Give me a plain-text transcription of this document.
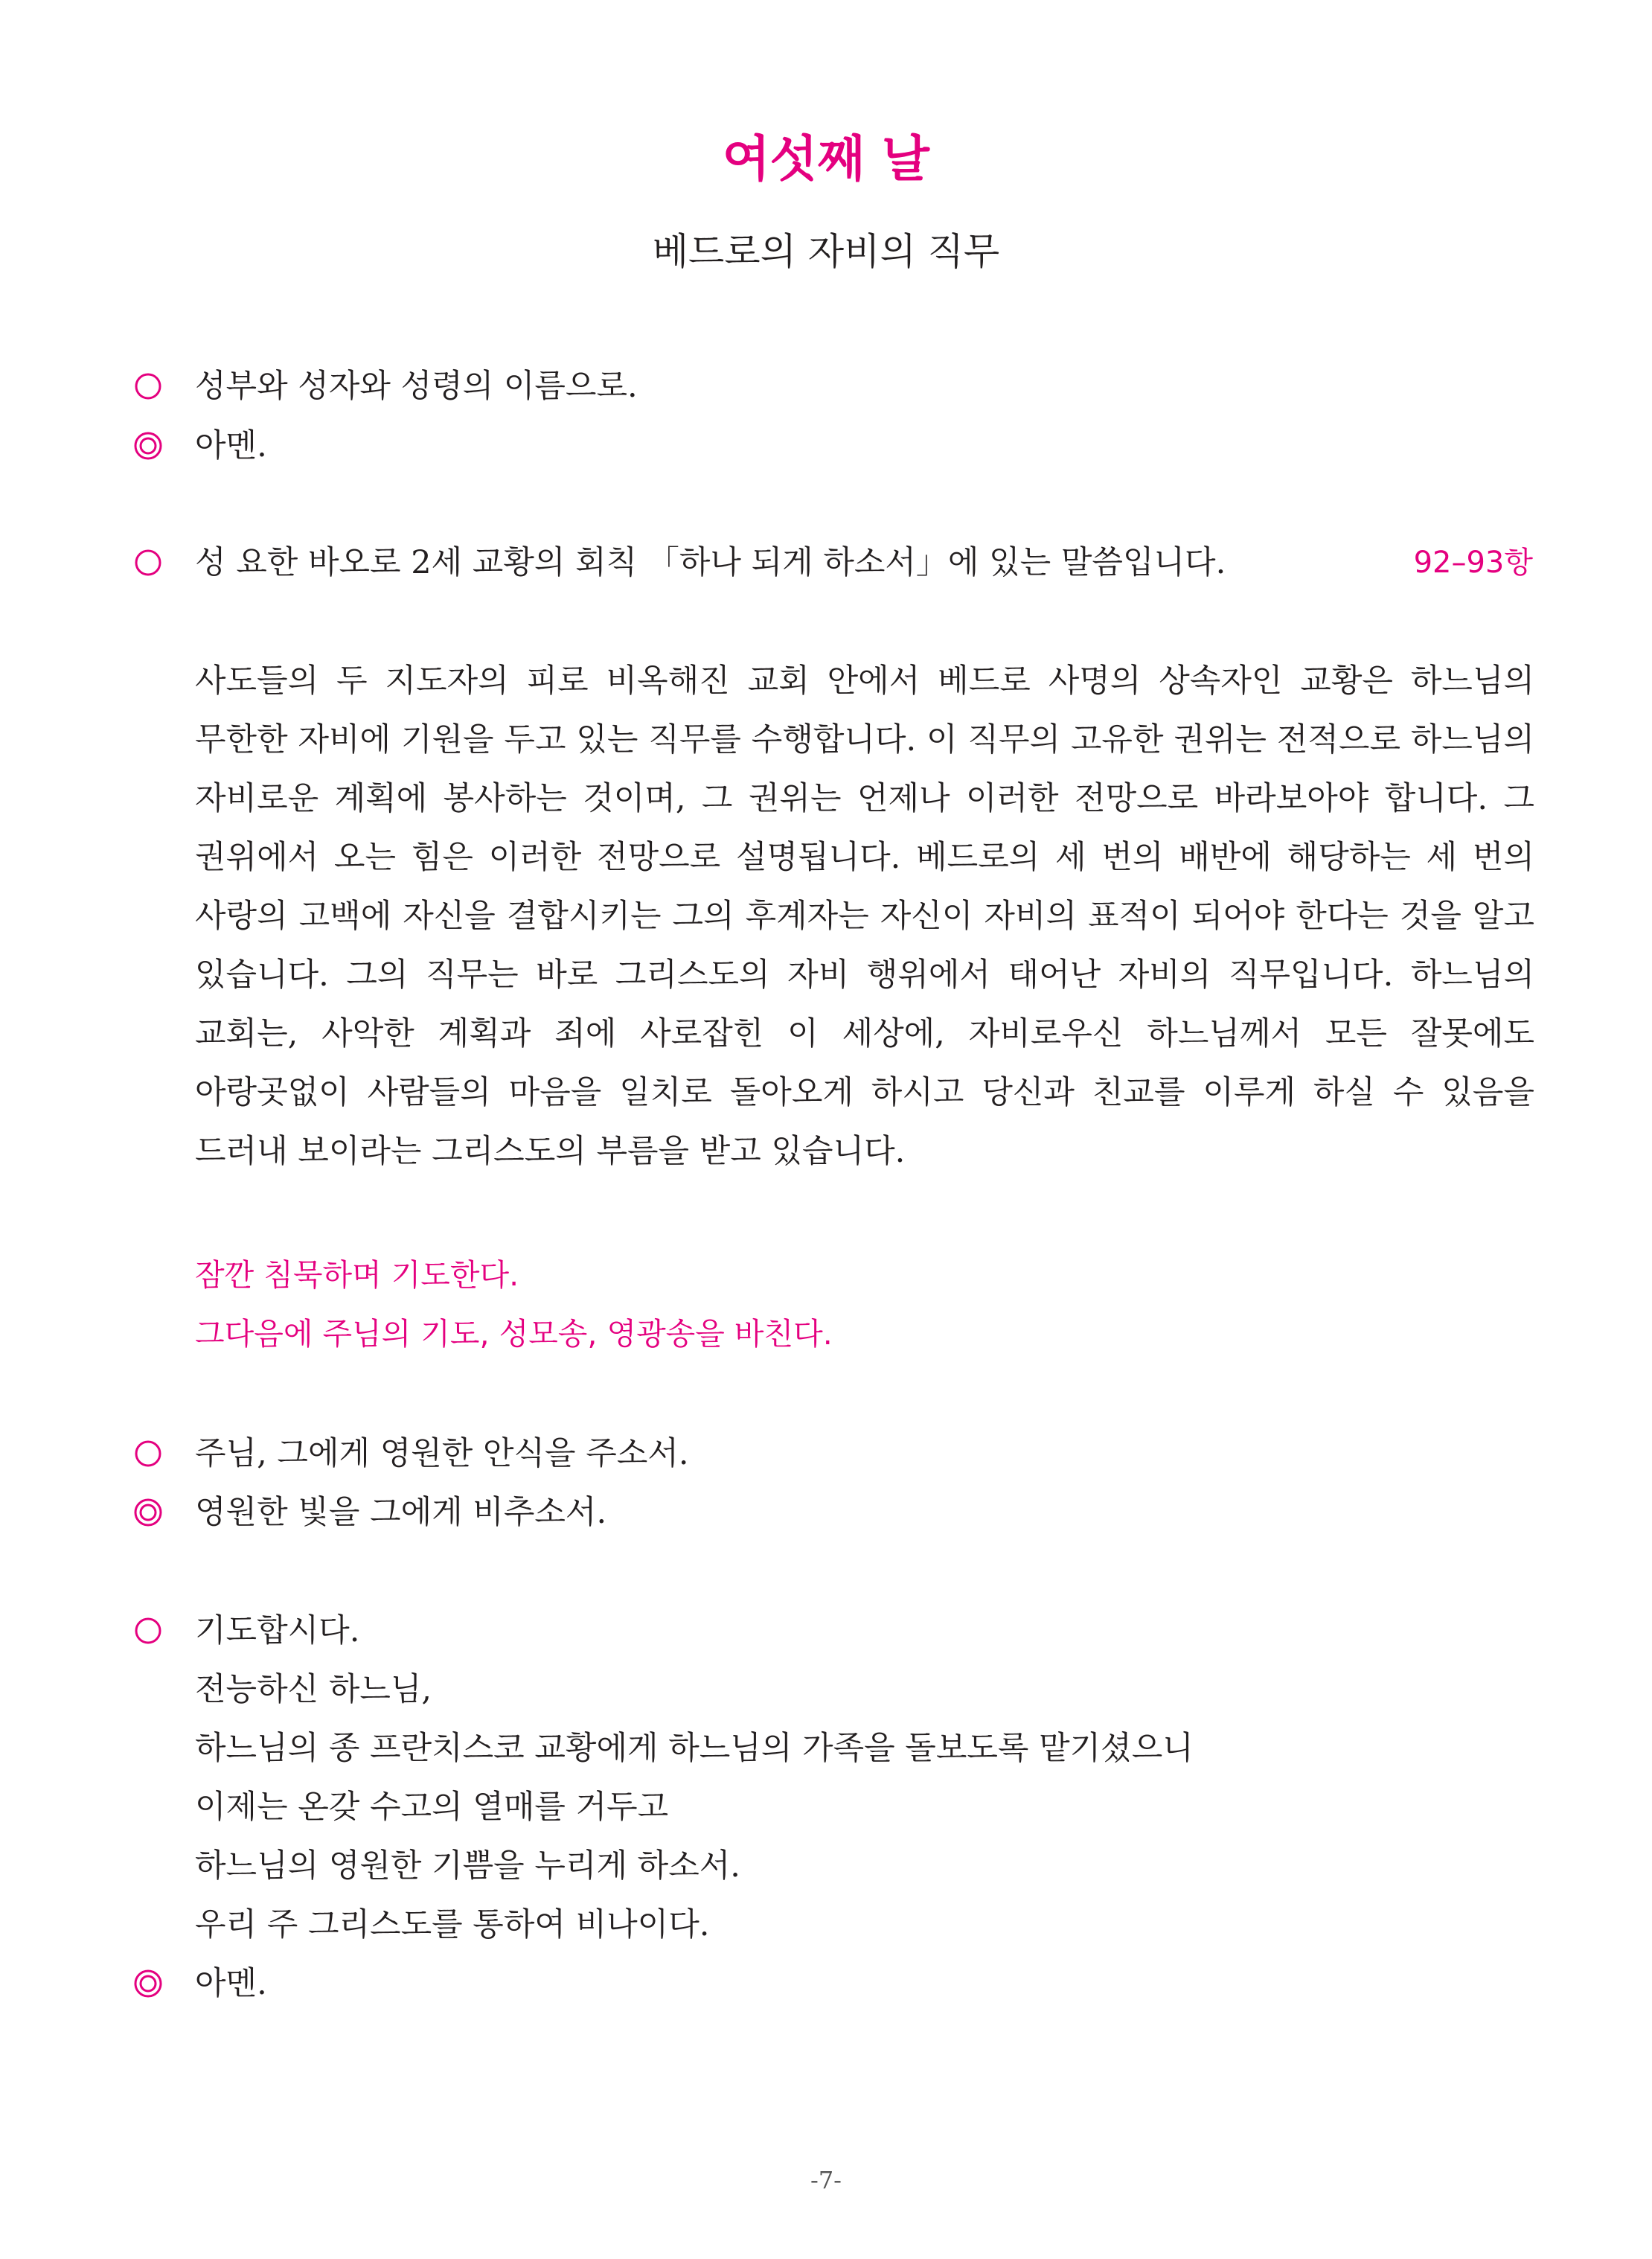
여섯째 날
베드로의 자비의 직무
성부와 성자와 성령의 이름으로.
아멘.
성 요한 바오로 2세 교황의 회칙 「하나 되게 하소서」에 있는 말씀입니다.	92–93항
사도들의 두 지도자의 피로 비옥해진 교회 안에서 베드로 사명의 상속자인 교황은 하느님의 무한한 자비에 기원을 두고 있는 직무를 수행합니다. 이 직무의 고유한 권위는 전적으로 하느님의 자비로운 계획에 봉사하는 것이며, 그 권위는 언제나 이러한 전망으로 바라보아야 합니다. 그 권위에서 오는 힘은 이러한 전망으로 설명됩니다. 베드로의 세 번의 배반에 해당하는 세 번의 사랑의 고백에 자신을 결합시키는 그의 후계자는 자신이 자비의 표적이 되어야 한다는 것을 알고 있습니다. 그의 직무는 바로 그리스도의 자비 행위에서 태어난 자비의 직무입니다. 하느님의 교회는, 사악한 계획과 죄에 사로잡힌 이 세상에, 자비로우신 하느님께서 모든 잘못에도 아랑곳없이 사람들의 마음을 일치로 돌아오게 하시고 당신과 친교를 이루게 하실 수 있음을 드러내 보이라는 그리스도의 부름을 받고 있습니다.
잠깐 침묵하며 기도한다.
그다음에 주님의 기도, 성모송, 영광송을 바친다.
주님, 그에게 영원한 안식을 주소서.
영원한 빛을 그에게 비추소서.
기도합시다.
전능하신 하느님,
하느님의 종 프란치스코 교황에게 하느님의 가족을 돌보도록 맡기셨으니
이제는 온갖 수고의 열매를 거두고
하느님의 영원한 기쁨을 누리게 하소서.
우리 주 그리스도를 통하여 비나이다.
아멘.
-7-
